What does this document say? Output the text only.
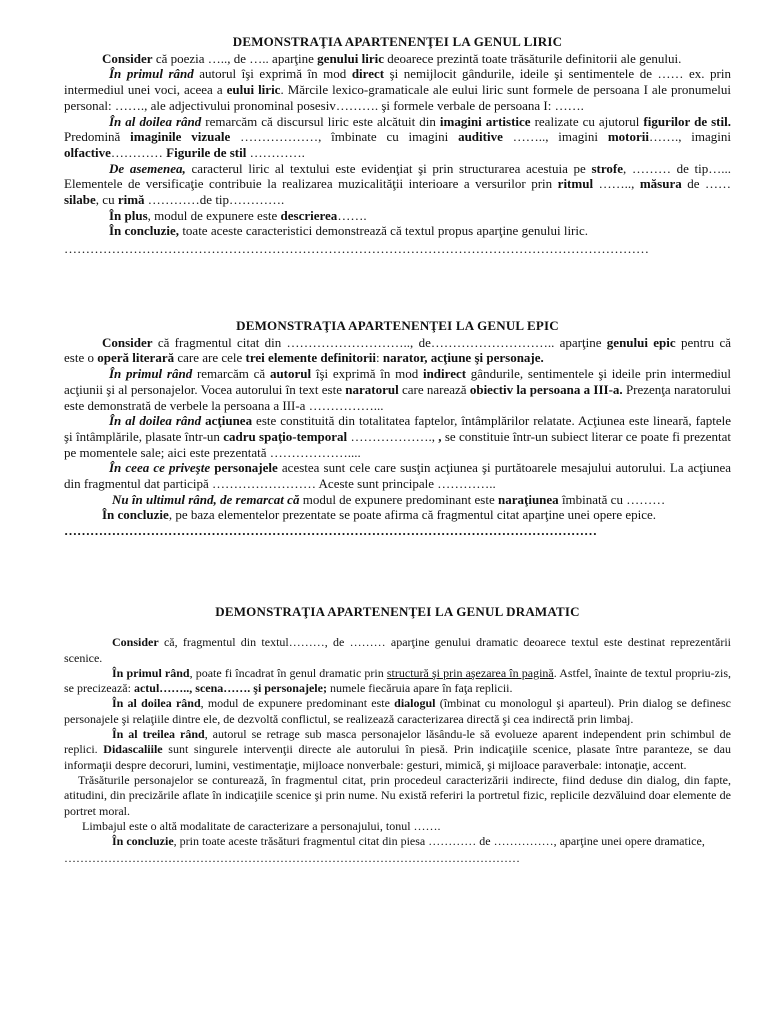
DEMONSTRAŢIA APARTENENŢEI LA GENUL LIRIC

Consider că poezia ….., de ….. aparţine genului liric deoarece prezintă toate trăsăturile definitorii ale genului.

În primul rând autorul îşi exprimă în mod direct şi nemijlocit gândurile, ideile şi sentimentele de …… ex. prin intermediul unei voci, aceea a eului liric. Mărcile lexico-gramaticale ale eului liric sunt formele de persoana I ale pronumelui personal: ……., ale adjectivului pronominal posesiv………. şi formele verbale de persoana I: …….

În al doilea rând remarcăm că discursul liric este alcătuit din imagini artistice realizate cu ajutorul figurilor de stil. Predomină imaginile vizuale ………………, îmbinate cu imagini auditive …….., imagini motorii……., imagini olfactive………… Figurile de stil ………….

De asemenea, caracterul liric al textului este evidenţiat şi prin structurarea acestuia pe strofe, ……… de tip…... Elementele de versificaţie contribuie la realizarea muzicalităţii interioare a versurilor prin ritmul …….., măsura de ……silabe, cu rimă …………de tip………….

În plus, modul de expunere este descrierea…….

În concluzie, toate aceste caracteristici demonstrează că textul propus aparţine genului liric.

………………………………………………………………………………………………………………………
DEMONSTRAŢIA APARTENENŢEI LA GENUL EPIC

Consider că fragmentul citat din ……………………….., de……………………….. aparţine genului epic pentru că este o operă literară care are cele trei elemente definitorii: narator, acţiune şi personaje.

În primul rând remarcăm că autorul îşi exprimă în mod indirect gândurile, sentimentele şi ideile prin intermediul acţiunii şi al personajelor. Vocea autorului în text este naratorul care narează obiectiv la persoana a III-a. Prezenţa naratorului este demonstrată de verbele la persoana a III-a ……………...

În al doilea rând acţiunea este constituită din totalitatea faptelor, întâmplărilor relatate. Acţiunea este lineară, faptele şi întâmplările, plasate într-un cadru spaţio-temporal ………………., , se constituie într-un subiect literar ce poate fi prezentat pe momentele sale; aici este prezentată ………………....

În ceea ce priveşte personajele acestea sunt cele care susţin acţiunea şi purtătoarele mesajului autorului. La acţiunea din fragmentul dat participă …………………… Aceste sunt principale …………..

Nu în ultimul rând, de remarcat că modul de expunere predominant este naraţiunea îmbinată cu ………

În concluzie, pe baza elementelor prezentate se poate afirma că fragmentul citat aparţine unei opere epice.

……………………………………………………………………………………………………………
DEMONSTRAŢIA APARTENENŢEI LA GENUL DRAMATIC

Consider că, fragmentul din textul………, de ……… aparţine genului dramatic deoarece textul este destinat reprezentării scenice.

În primul rând, poate fi încadrat în genul dramatic prin structură şi prin aşezarea în pagină. Astfel, înainte de textul propriu-zis, se precizează: actul…….., scena……. şi personajele; numele fiecăruia apare în faţa replicii.

În al doilea rând, modul de expunere predominant este dialogul (îmbinat cu monologul şi aparteul). Prin dialog se definesc personajele şi relaţiile dintre ele, de dezvoltă conflictul, se realizează caracterizarea directă şi cea indirectă prin limbaj.

În al treilea rând, autorul se retrage sub masca personajelor lăsându-le să evolueze aparent independent prin schimbul de replici. Didascaliile sunt singurele intervenţii directe ale autorului în piesă. Prin indicaţiile scenice, plasate între paranteze, se dau informaţii despre decoruri, lumini, vestimentaţie, mijloace nonverbale: gesturi, mimică, şi mijloace paraverbale: intonaţie, accent.

Trăsăturile personajelor se conturează, în fragmentul citat, prin procedeul caracterizării indirecte, fiind deduse din dialog, din fapte, atitudini, din precizările aflate în indicaţiile scenice şi prin nume. Nu există referiri la portretul fizic, replicile dezvăluind doar elemente de portret moral.

Limbajul este o altă modalitate de caracterizare a personajului, tonul …….

În concluzie, prin toate aceste trăsături fragmentul citat din piesa ………… de ……………, aparţine unei opere dramatice,

……………………………………………………………………………………………………
